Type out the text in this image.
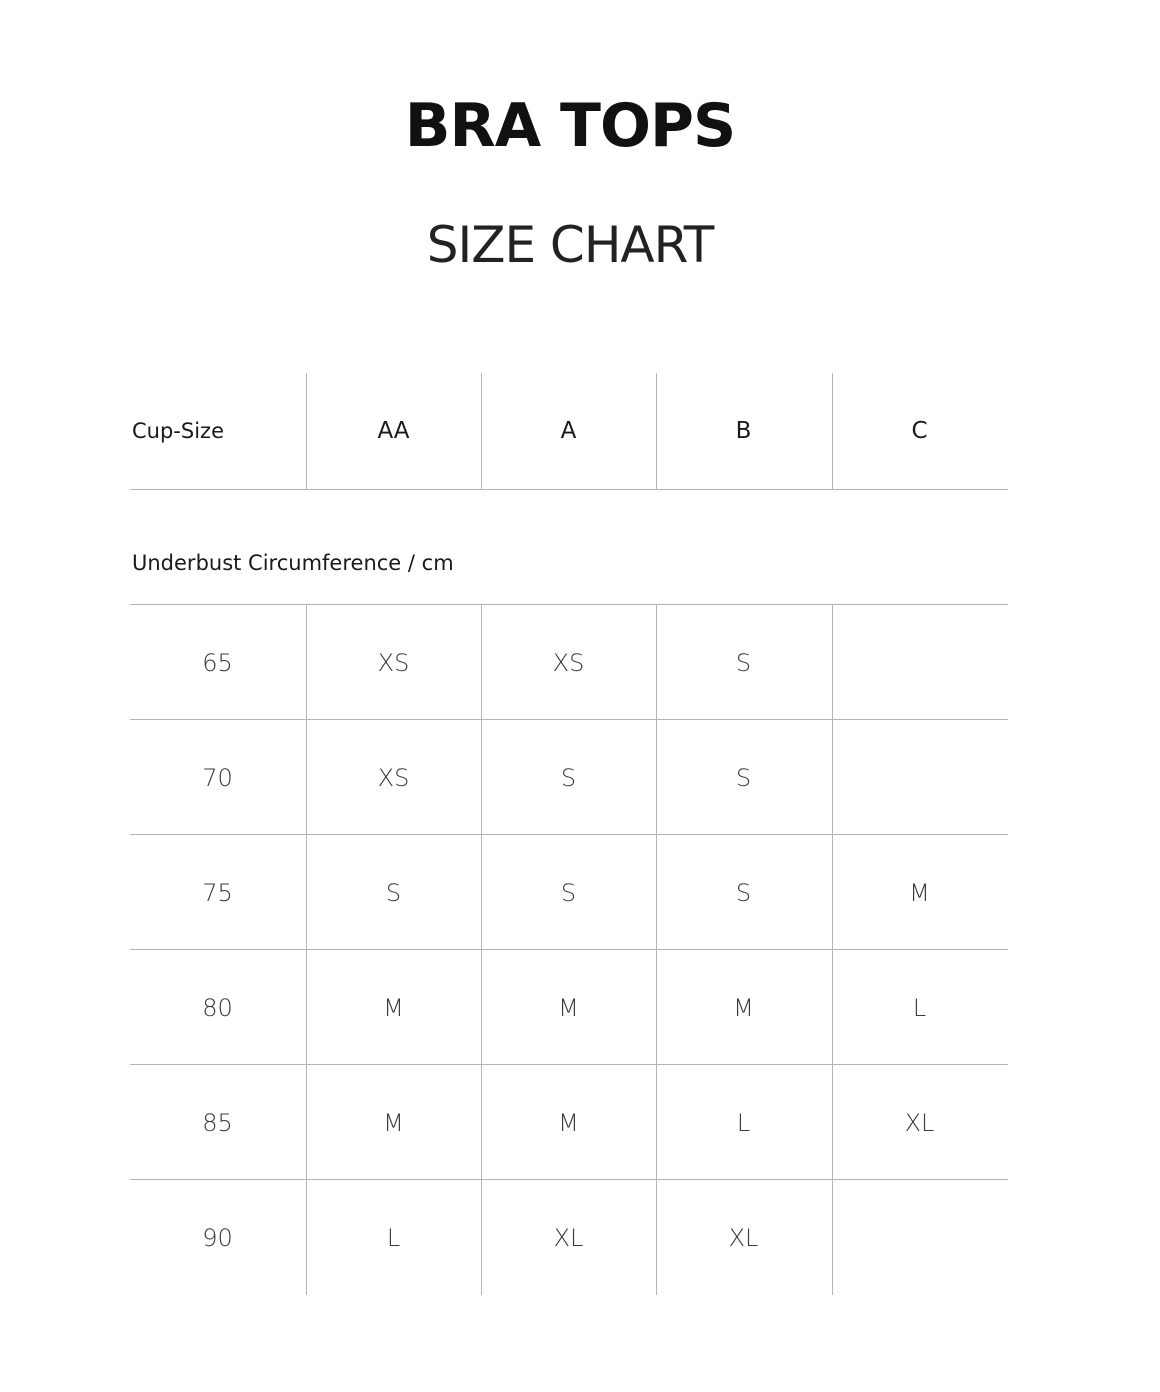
BRA TOPS
SIZE CHART
Cup-Size	AA	A	B	C
Underbust Circumference / cm
65	XS	XS	S
70	XS	S	S
75	S	S	S	M
80	M	M	M	L
85	M	M	L	XL
90	L	XL	XL
